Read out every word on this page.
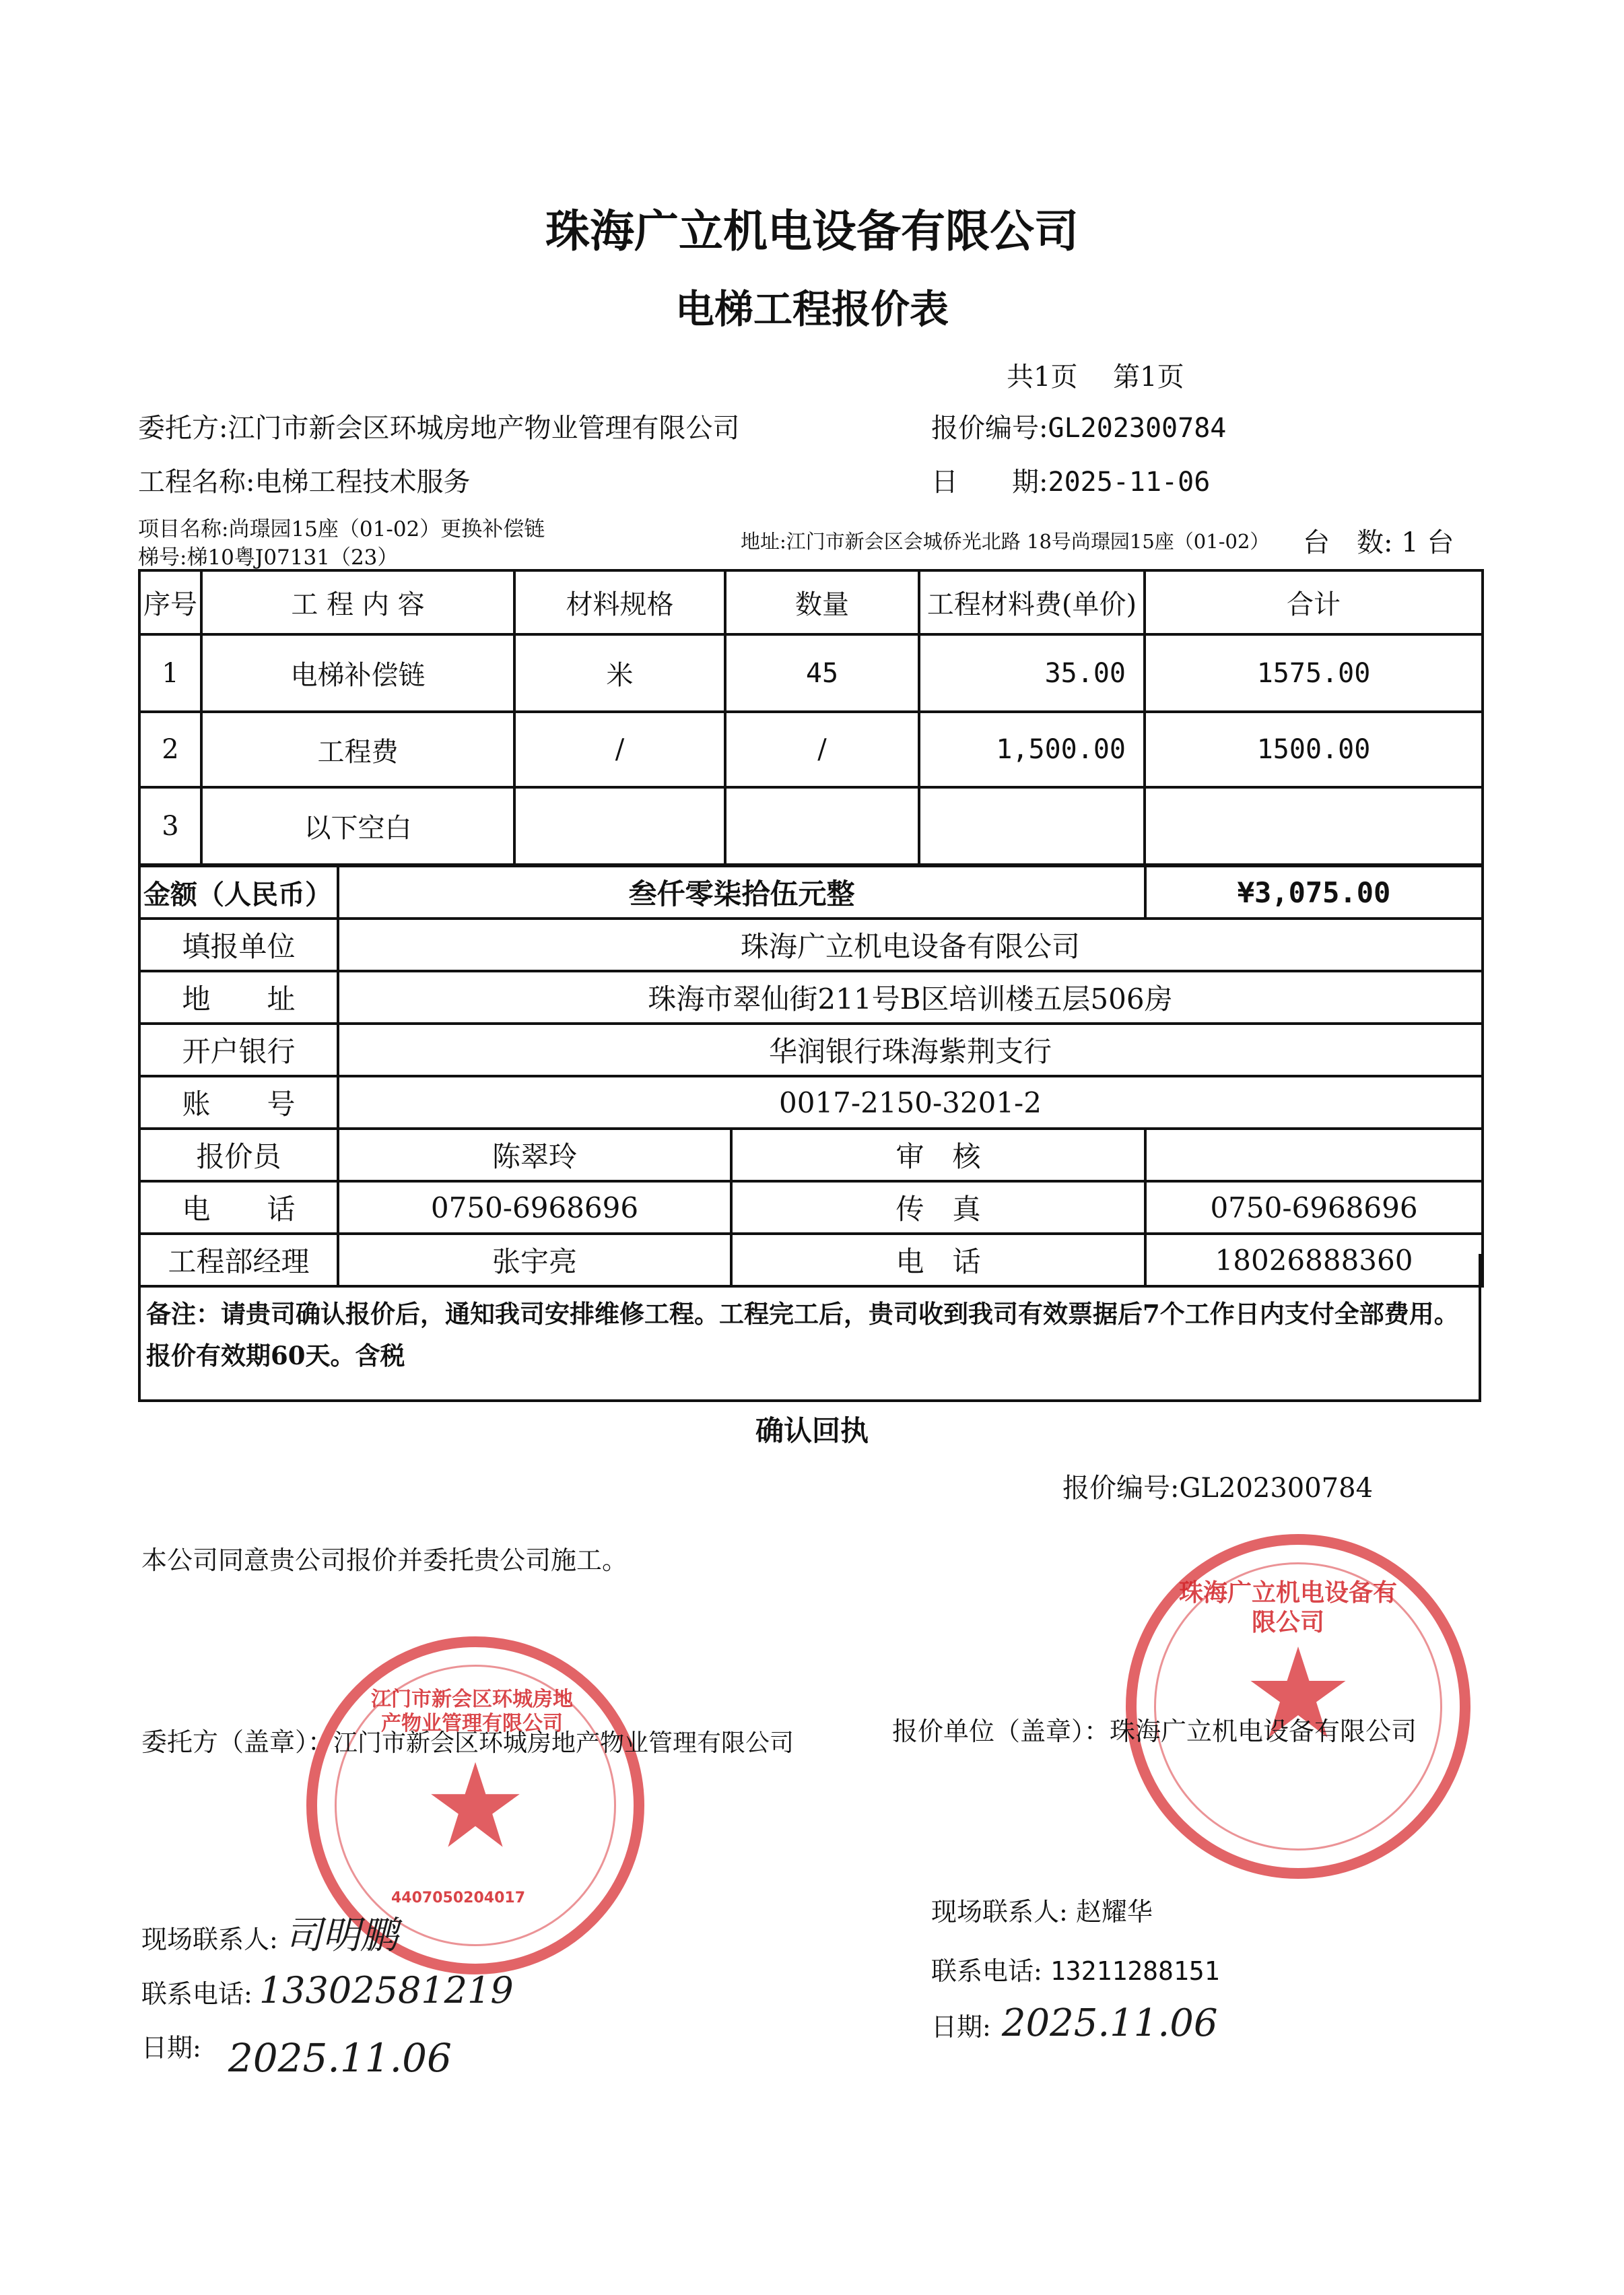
珠海广立机电设备有限公司
电梯工程报价表
共1页　 第1页
委托方:江门市新会区环城房地产物业管理有限公司	报价编号:GL202300784
工程名称:电梯工程技术服务	日　　期:2025-11-06
项目名称:尚璟园15座（01-02）更换补偿链
梯号:梯10粤J07131（23）
地址:江门市新会区会城侨光北路 18号尚璟园15座（01-02） 台　数: 1 台
序号	工 程 内 容	材料规格	数量	工程材料费(单价)	合计
1	电梯补偿链	米	45	35.00	1575.00
2	工程费	/	/	1,500.00	1500.00
3	以下空白				
金额（人民币）	叁仟零柒拾伍元整		¥3,075.00
填报单位	珠海广立机电设备有限公司		
地　　址	珠海市翠仙街211号B区培训楼五层506房		
开户银行	华润银行珠海紫荆支行		
账　　号	0017-2150-3201-2		
报价员	陈翠玲	审　核	
电　　话	0750-6968696	传　真	0750-6968696
工程部经理	张宇亮	电　话	18026888360
备注：请贵司确认报价后，通知我司安排维修工程。工程完工后，贵司收到我司有效票据后7个工作日内支付全部费用。报价有效期60天。含税
确认回执
报价编号:GL202300784
本公司同意贵公司报价并委托贵公司施工。
江门市新会区环城房地产物业管理有限公司
4407050204017
珠海广立机电设备有限公司
委托方（盖章）：江门市新会区环城房地产物业管理有限公司	报价单位（盖章）：珠海广立机电设备有限公司
现场联系人: 司明鹏
联系电话: 13302581219
日期: 2025.11.06
现场联系人: 赵耀华
联系电话: 13211288151
日期: 2025.11.06
